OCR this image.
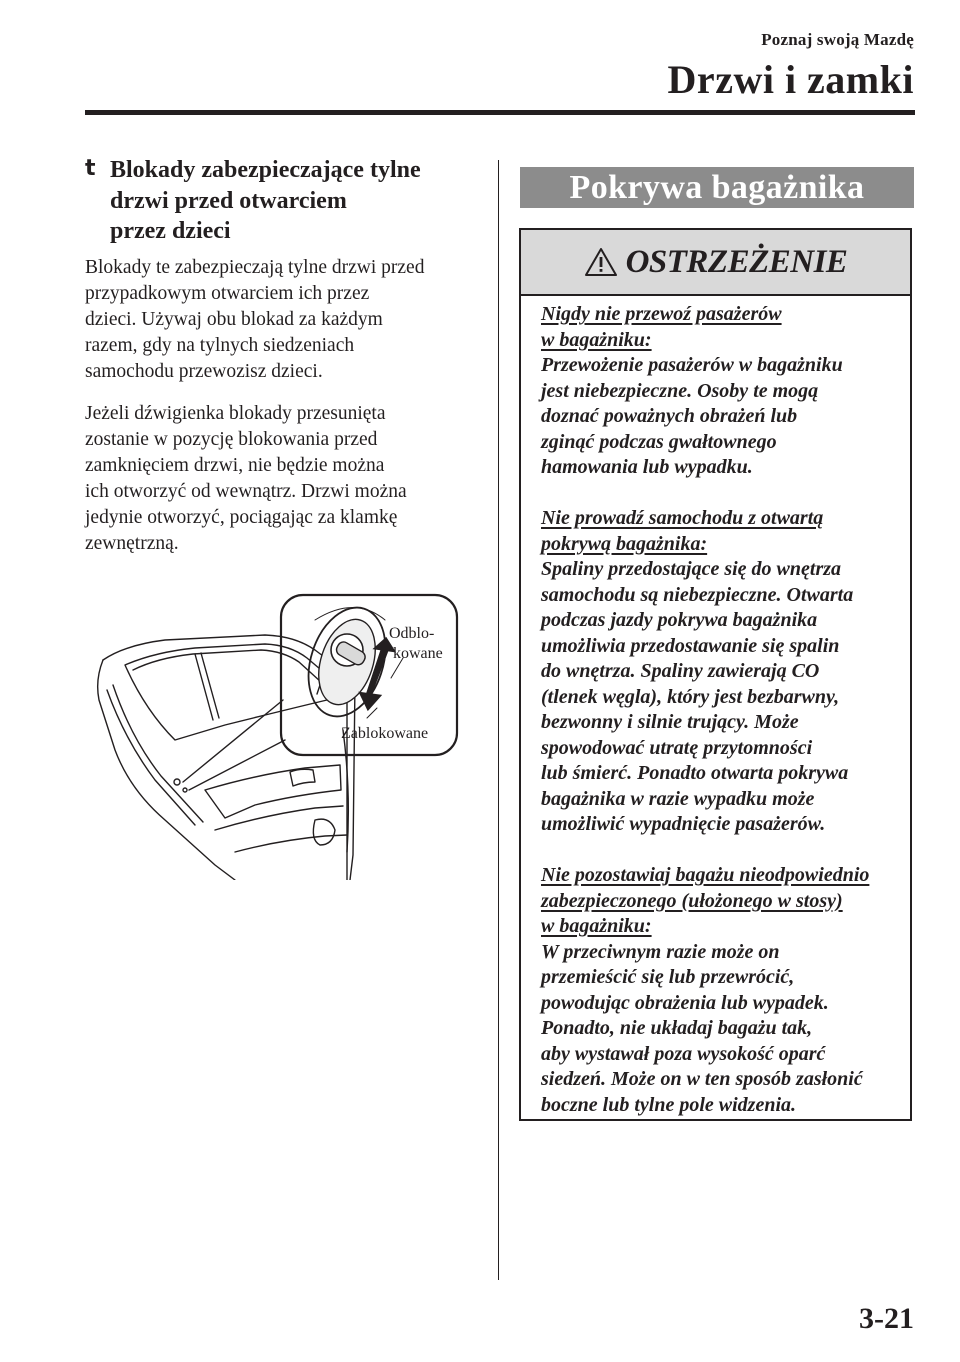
Poznaj swoją Mazdę
Drzwi i zamki
t Blokady zabezpieczające tylne
drzwi przed otwarciem
przez dzieci

Blokady te zabezpieczają tylne drzwi przed
przypadkowym otwarciem ich przez
dzieci. Używaj obu blokad za każdym
razem, gdy na tylnych siedzeniach
samochodu przewozisz dzieci.

Jeżeli dźwigienka blokady przesunięta
zostanie w pozycję blokowania przed
zamknięciem drzwi, nie będzie można
ich otworzyć od wewnątrz. Drzwi można
jedynie otworzyć, pociągając za klamkę
zewnętrzną.

Odblo-
kowane
Zablokowane
Pokrywa bagażnika
OSTRZEŻENIE
Nigdy nie przewoź pasażerów
w bagażniku:
Przewożenie pasażerów w bagażniku
jest niebezpieczne. Osoby te mogą
doznać poważnych obrażeń lub
zginąć podczas gwałtownego
hamowania lub wypadku.
Nie prowadź samochodu z otwartą
pokrywą bagażnika:
Spaliny przedostające się do wnętrza
samochodu są niebezpieczne. Otwarta
podczas jazdy pokrywa bagażnika
umożliwia przedostawanie się spalin
do wnętrza. Spaliny zawierają CO
(tlenek węgla), który jest bezbarwny,
bezwonny i silnie trujący. Może
spowodować utratę przytomności
lub śmierć. Ponadto otwarta pokrywa
bagażnika w razie wypadku może
umożliwić wypadnięcie pasażerów.
Nie pozostawiaj bagażu nieodpowiednio
zabezpieczonego (ułożonego w stosy)
w bagażniku:
W przeciwnym razie może on
przemieścić się lub przewrócić,
powodując obrażenia lub wypadek.
Ponadto, nie układaj bagażu tak,
aby wystawał poza wysokość oparć
siedzeń. Może on w ten sposób zasłonić
boczne lub tylne pole widzenia.
3-21
